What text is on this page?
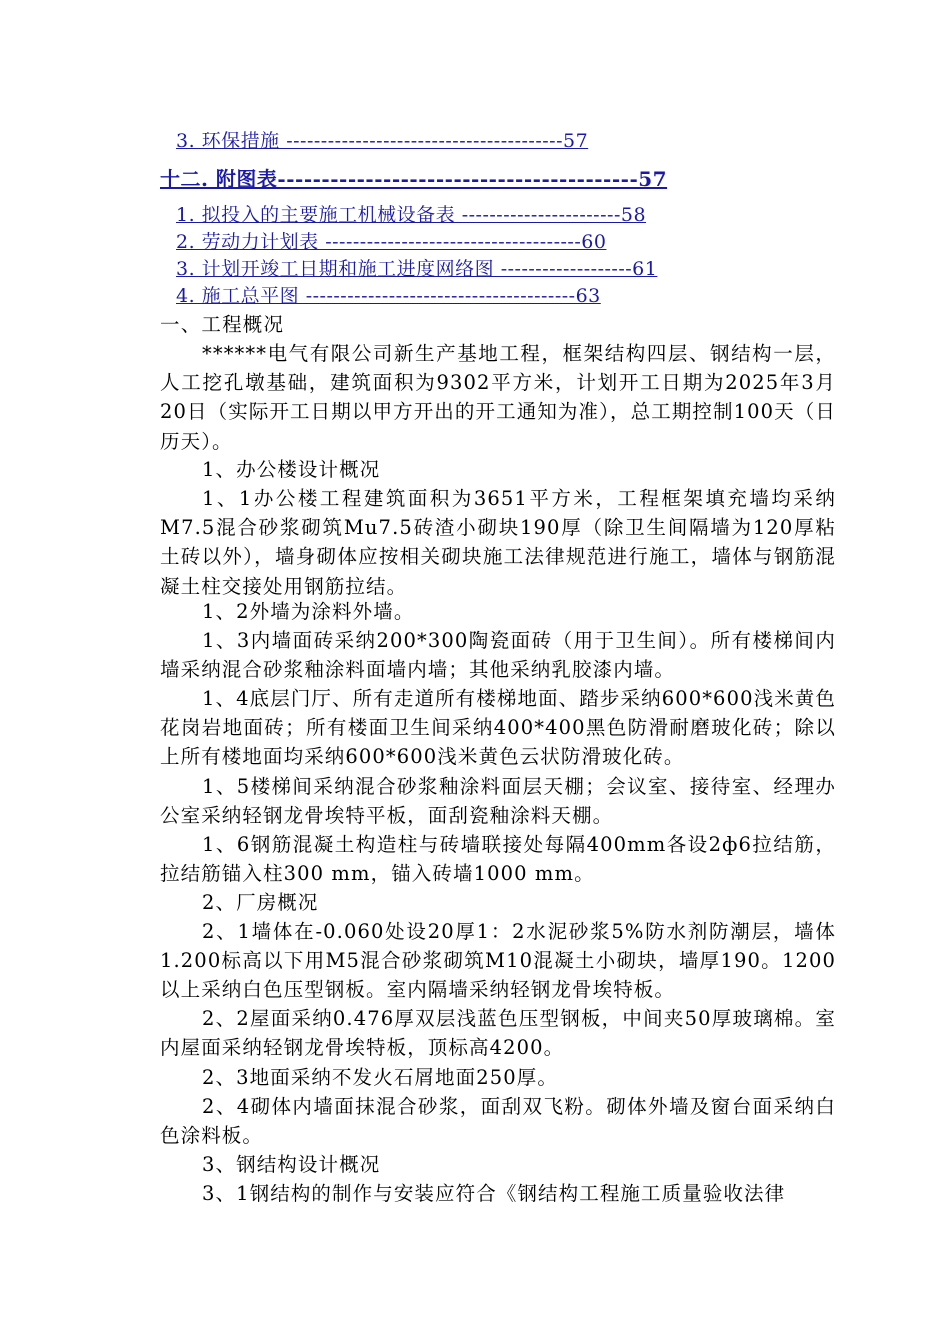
3. 环保措施 ----------------------------------------57
十二. 附图表-----------------------------------------57
1. 拟投入的主要施工机械设备表 -----------------------58
2. 劳动力计划表 -------------------------------------60
3. 计划开竣工日期和施工进度网络图 -------------------61
4. 施工总平图 ---------------------------------------63
一、工程概况
******电气有限公司新生产基地工程，框架结构四层、钢结构一层，人工挖孔墩基础，建筑面积为9302平方米，计划开工日期为2025年3月20日（实际开工日期以甲方开出的开工通知为准），总工期控制100天（日历天）。
1、办公楼设计概况
1、1办公楼工程建筑面积为3651平方米，工程框架填充墙均采纳M7.5混合砂浆砌筑Mu7.5砖渣小砌块190厚（除卫生间隔墙为120厚粘土砖以外），墙身砌体应按相关砌块施工法律规范进行施工，墙体与钢筋混凝土柱交接处用钢筋拉结。
1、2外墙为涂料外墙。
1、3内墙面砖采纳200*300陶瓷面砖（用于卫生间）。所有楼梯间内墙采纳混合砂浆釉涂料面墙内墙；其他采纳乳胶漆内墙。
1、4底层门厅、所有走道所有楼梯地面、踏步采纳600*600浅米黄色花岗岩地面砖；所有楼面卫生间采纳400*400黑色防滑耐磨玻化砖；除以上所有楼地面均采纳600*600浅米黄色云状防滑玻化砖。
1、5楼梯间采纳混合砂浆釉涂料面层天棚；会议室、接待室、经理办公室采纳轻钢龙骨埃特平板，面刮瓷釉涂料天棚。
1、6钢筋混凝土构造柱与砖墙联接处每隔400mm各设2ф6拉结筋，拉结筋锚入柱300 mm，锚入砖墙1000 mm。
2、厂房概况
2、1墙体在-0.060处设20厚1：2水泥砂浆5%防水剂防潮层，墙体1.200标高以下用M5混合砂浆砌筑M10混凝土小砌块，墙厚190。1200以上采纳白色压型钢板。室内隔墙采纳轻钢龙骨埃特板。
2、2屋面采纳0.476厚双层浅蓝色压型钢板，中间夹50厚玻璃棉。室内屋面采纳轻钢龙骨埃特板，顶标高4200。
2、3地面采纳不发火石屑地面250厚。
2、4砌体内墙面抹混合砂浆，面刮双飞粉。砌体外墙及窗台面采纳白色涂料板。
3、钢结构设计概况
3、1钢结构的制作与安装应符合《钢结构工程施工质量验收法律
